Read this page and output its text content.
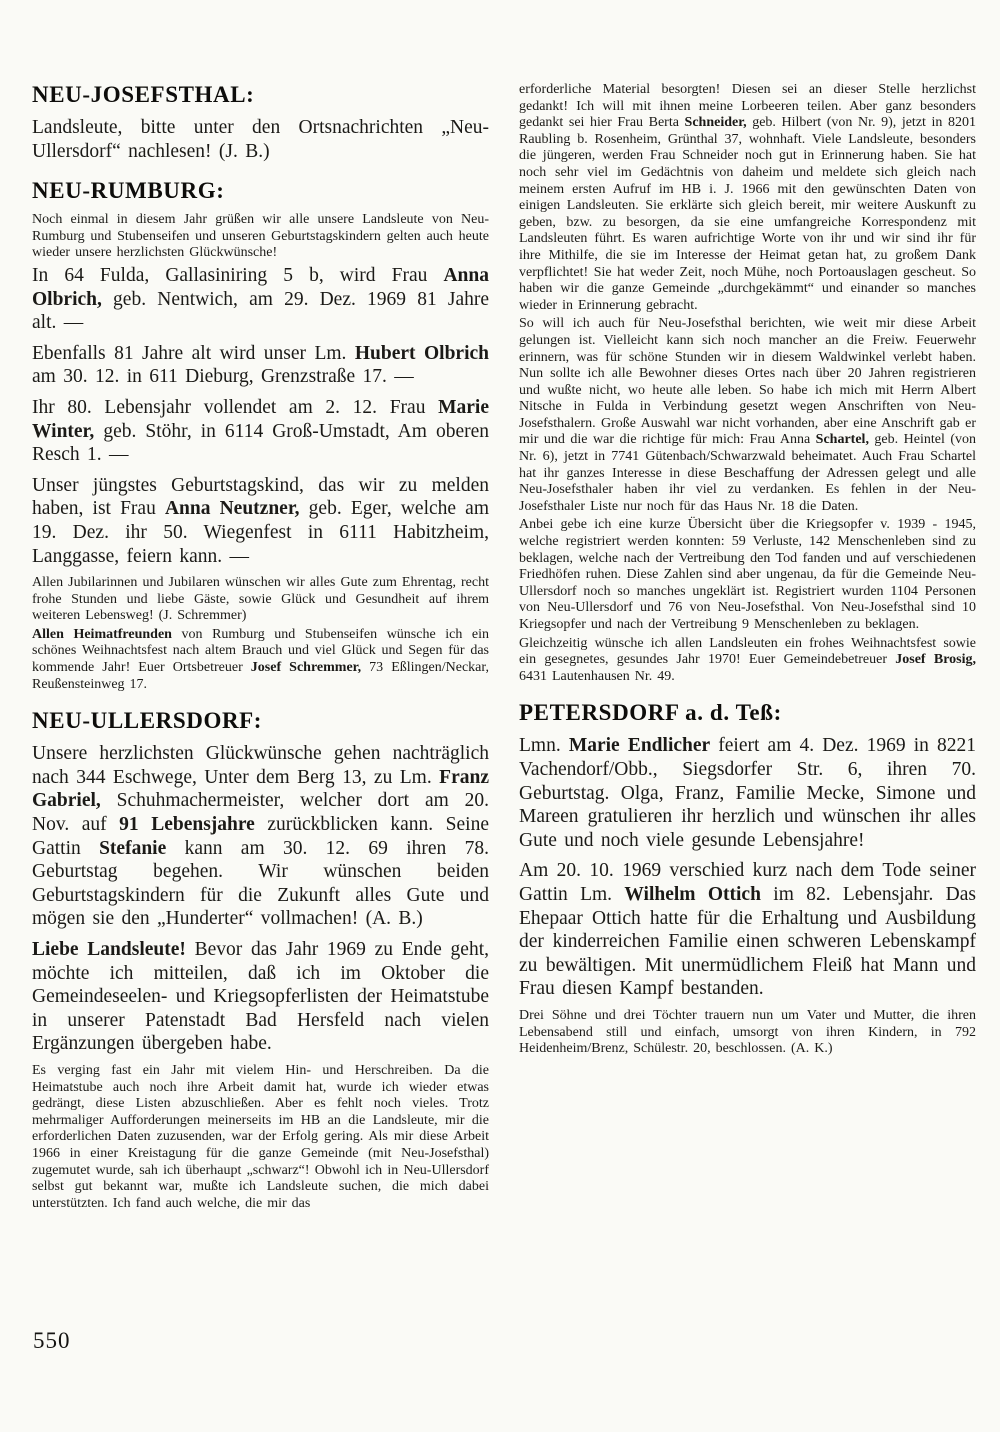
NEU-JOSEFSTHAL:

Landsleute, bitte unter den Ortsnachrichten „Neu-Ullersdorf“ nachlesen! (J. B.)

NEU-RUMBURG:

Noch einmal in diesem Jahr grüßen wir alle unsere Landsleute von Neu-Rumburg und Stubenseifen und unseren Geburtstagskindern gelten auch heute wieder unsere herzlichsten Glückwünsche!

In 64 Fulda, Gallasiniring 5 b, wird Frau Anna Olbrich, geb. Nentwich, am 29. Dez. 1969 81 Jahre alt. —

Ebenfalls 81 Jahre alt wird unser Lm. Hubert Olbrich am 30. 12. in 611 Dieburg, Grenzstraße 17. —

Ihr 80. Lebensjahr vollendet am 2. 12. Frau Marie Winter, geb. Stöhr, in 6114 Groß-Umstadt, Am oberen Resch 1. —

Unser jüngstes Geburtstagskind, das wir zu melden haben, ist Frau Anna Neutzner, geb. Eger, welche am 19. Dez. ihr 50. Wiegenfest in 6111 Habitzheim, Langgasse, feiern kann. —

Allen Jubilarinnen und Jubilaren wünschen wir alles Gute zum Ehrentag, recht frohe Stunden und liebe Gäste, sowie Glück und Gesundheit auf ihrem weiteren Lebensweg! (J. Schremmer)

Allen Heimatfreunden von Rumburg und Stubenseifen wünsche ich ein schönes Weihnachtsfest nach altem Brauch und viel Glück und Segen für das kommende Jahr! Euer Ortsbetreuer Josef Schremmer, 73 Eßlingen/Neckar, Reußensteinweg 17.

NEU-ULLERSDORF:

Unsere herzlichsten Glückwünsche gehen nachträglich nach 344 Eschwege, Unter dem Berg 13, zu Lm. Franz Gabriel, Schuhmachermeister, welcher dort am 20. Nov. auf 91 Lebensjahre zurückblicken kann. Seine Gattin Stefanie kann am 30. 12. 69 ihren 78. Geburtstag begehen. Wir wünschen beiden Geburtstagskindern für die Zukunft alles Gute und mögen sie den „Hunderter“ vollmachen! (A. B.)

Liebe Landsleute! Bevor das Jahr 1969 zu Ende geht, möchte ich mitteilen, daß ich im Oktober die Gemeindeseelen- und Kriegsopferlisten der Heimatstube in unserer Patenstadt Bad Hersfeld nach vielen Ergänzungen übergeben habe.

Es verging fast ein Jahr mit vielem Hin- und Herschreiben. Da die Heimatstube auch noch ihre Arbeit damit hat, wurde ich wieder etwas gedrängt, diese Listen abzuschließen. Aber es fehlt noch vieles. Trotz mehrmaliger Aufforderungen meinerseits im HB an die Landsleute, mir die erforderlichen Daten zuzusenden, war der Erfolg gering. Als mir diese Arbeit 1966 in einer Kreistagung für die ganze Gemeinde (mit Neu-Josefsthal) zugemutet wurde, sah ich überhaupt „schwarz“! Obwohl ich in Neu-Ullersdorf selbst gut bekannt war, mußte ich Landsleute suchen, die mich dabei unterstützten. Ich fand auch welche, die mir das

erforderliche Material besorgten! Diesen sei an dieser Stelle herzlichst gedankt! Ich will mit ihnen meine Lorbeeren teilen. Aber ganz besonders gedankt sei hier Frau Berta Schneider, geb. Hilbert (von Nr. 9), jetzt in 8201 Raubling b. Rosenheim, Grünthal 37, wohnhaft. Viele Landsleute, besonders die jüngeren, werden Frau Schneider noch gut in Erinnerung haben. Sie hat noch sehr viel im Gedächtnis von daheim und meldete sich gleich nach meinem ersten Aufruf im HB i. J. 1966 mit den gewünschten Daten von einigen Landsleuten. Sie erklärte sich gleich bereit, mir weitere Auskunft zu geben, bzw. zu besorgen, da sie eine umfangreiche Korrespondenz mit Landsleuten führt. Es waren aufrichtige Worte von ihr und wir sind ihr für ihre Mithilfe, die sie im Interesse der Heimat getan hat, zu großem Dank verpflichtet! Sie hat weder Zeit, noch Mühe, noch Portoauslagen gescheut. So haben wir die ganze Gemeinde „durchgekämmt“ und einander so manches wieder in Erinnerung gebracht.

So will ich auch für Neu-Josefsthal berichten, wie weit mir diese Arbeit gelungen ist. Vielleicht kann sich noch mancher an die Freiw. Feuerwehr erinnern, was für schöne Stunden wir in diesem Waldwinkel verlebt haben. Nun sollte ich alle Bewohner dieses Ortes nach über 20 Jahren registrieren und wußte nicht, wo heute alle leben. So habe ich mich mit Herrn Albert Nitsche in Fulda in Verbindung gesetzt wegen Anschriften von Neu-Josefsthalern. Große Auswahl war nicht vorhanden, aber eine Anschrift gab er mir und die war die richtige für mich: Frau Anna Schartel, geb. Heintel (von Nr. 6), jetzt in 7741 Gütenbach/Schwarzwald beheimatet. Auch Frau Schartel hat ihr ganzes Interesse in diese Beschaffung der Adressen gelegt und alle Neu-Josefsthaler haben ihr viel zu verdanken. Es fehlen in der Neu-Josefsthaler Liste nur noch für das Haus Nr. 18 die Daten.

Anbei gebe ich eine kurze Übersicht über die Kriegsopfer v. 1939 - 1945, welche registriert werden konnten: 59 Verluste, 142 Menschenleben sind zu beklagen, welche nach der Vertreibung den Tod fanden und auf verschiedenen Friedhöfen ruhen. Diese Zahlen sind aber ungenau, da für die Gemeinde Neu-Ullersdorf noch so manches ungeklärt ist. Registriert wurden 1104 Personen von Neu-Ullersdorf und 76 von Neu-Josefsthal. Von Neu-Josefsthal sind 10 Kriegsopfer und nach der Vertreibung 9 Menschenleben zu beklagen.

Gleichzeitig wünsche ich allen Landsleuten ein frohes Weihnachtsfest sowie ein gesegnetes, gesundes Jahr 1970! Euer Gemeindebetreuer Josef Brosig, 6431 Lautenhausen Nr. 49.

PETERSDORF a. d. Teß:

Lmn. Marie Endlicher feiert am 4. Dez. 1969 in 8221 Vachendorf/Obb., Siegsdorfer Str. 6, ihren 70. Geburtstag. Olga, Franz, Familie Mecke, Simone und Mareen gratulieren ihr herzlich und wünschen ihr alles Gute und noch viele gesunde Lebensjahre!

Am 20. 10. 1969 verschied kurz nach dem Tode seiner Gattin Lm. Wilhelm Ottich im 82. Lebensjahr. Das Ehepaar Ottich hatte für die Erhaltung und Ausbildung der kinderreichen Familie einen schweren Lebenskampf zu bewältigen. Mit unermüdlichem Fleiß hat Mann und Frau diesen Kampf bestanden.

Drei Söhne und drei Töchter trauern nun um Vater und Mutter, die ihren Lebensabend still und einfach, umsorgt von ihren Kindern, in 792 Heidenheim/Brenz, Schülestr. 20, beschlossen. (A. K.)

550
